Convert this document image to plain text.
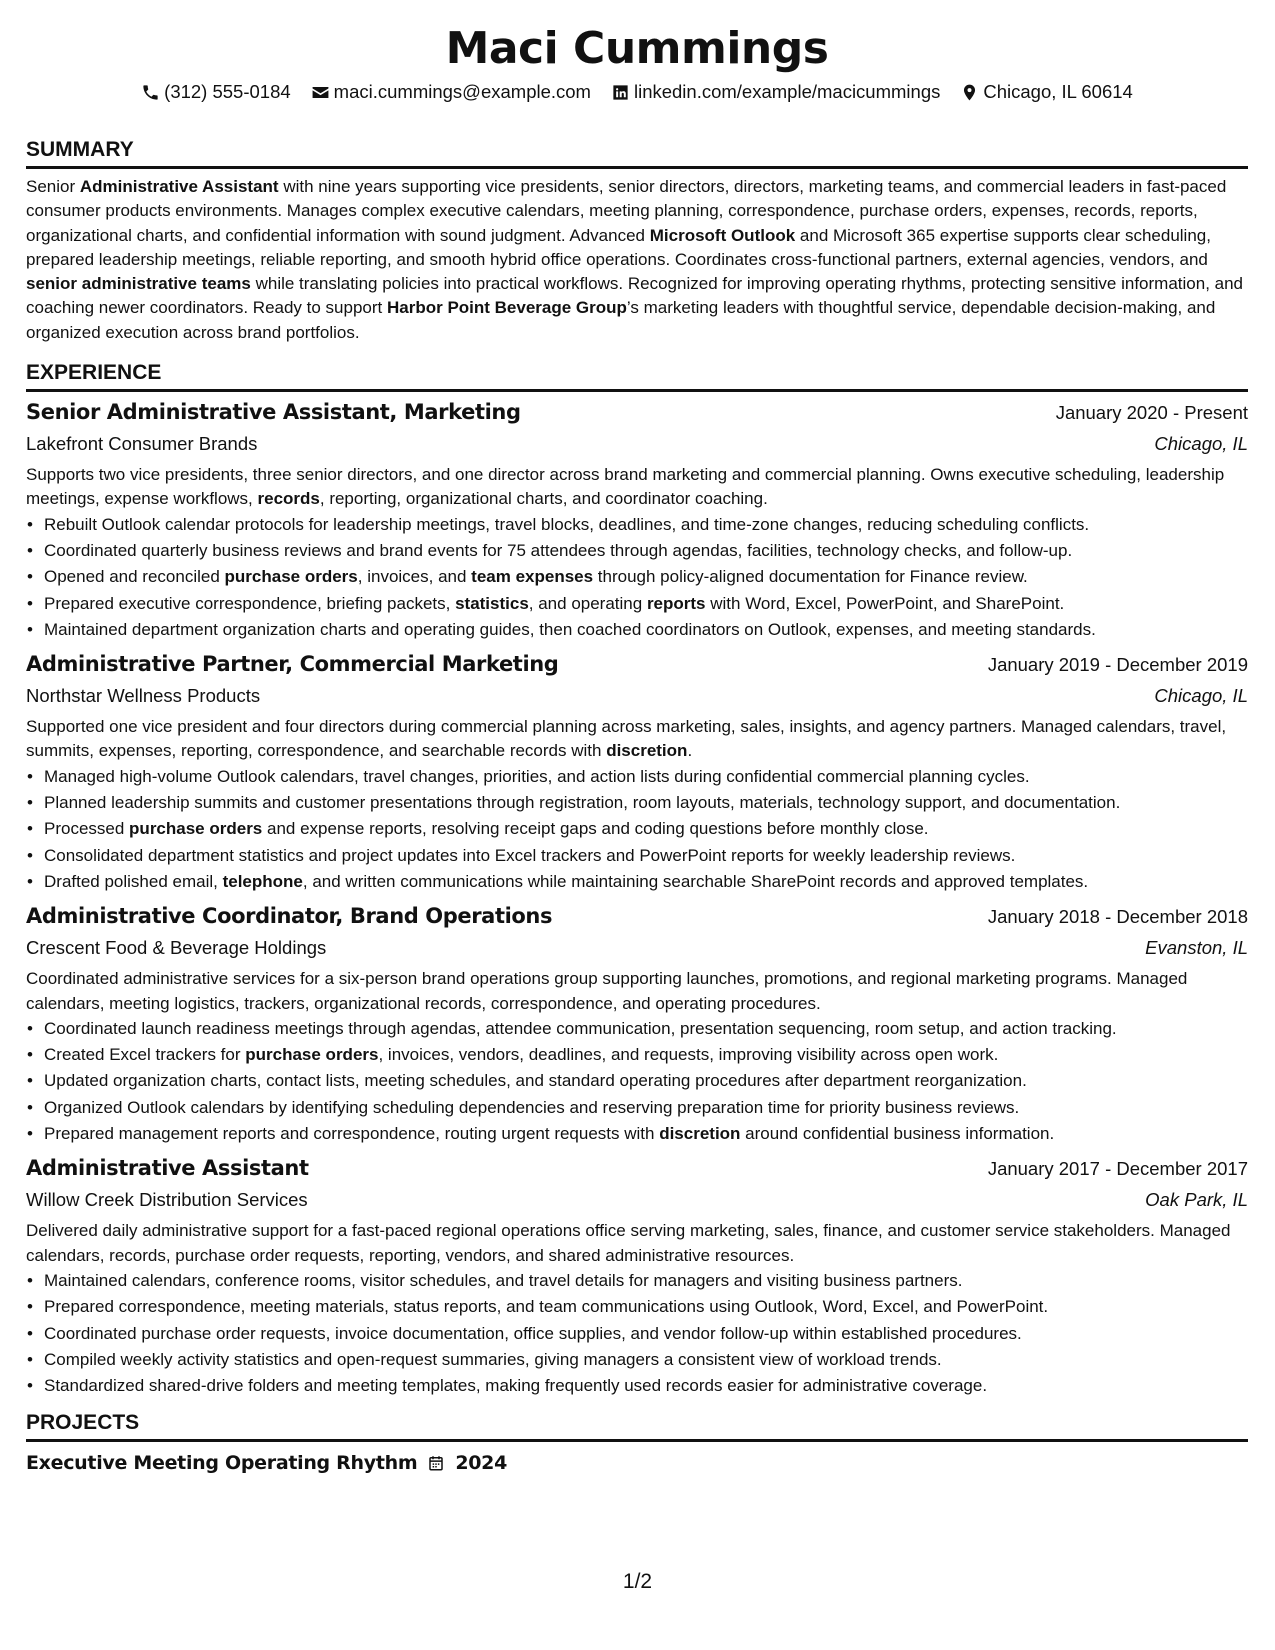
Maci Cummings
(312) 555-0184 maci.cummings@example.com linkedin.com/example/macicummings Chicago, IL 60614
SUMMARY
Senior Administrative Assistant with nine years supporting vice presidents, senior directors, directors, marketing teams, and commercial leaders in fast-paced consumer products environments. Manages complex executive calendars, meeting planning, correspondence, purchase orders, expenses, records, reports, organizational charts, and confidential information with sound judgment. Advanced Microsoft Outlook and Microsoft 365 expertise supports clear scheduling, prepared leadership meetings, reliable reporting, and smooth hybrid office operations. Coordinates cross-functional partners, external agencies, vendors, and senior administrative teams while translating policies into practical workflows. Recognized for improving operating rhythms, protecting sensitive information, and coaching newer coordinators. Ready to support Harbor Point Beverage Group’s marketing leaders with thoughtful service, dependable decision-making, and organized execution across brand portfolios.
EXPERIENCE
Senior Administrative Assistant, Marketing	January 2020 - Present
Lakefront Consumer Brands	Chicago, IL
Supports two vice presidents, three senior directors, and one director across brand marketing and commercial planning. Owns executive scheduling, leadership meetings, expense workflows, records, reporting, organizational charts, and coordinator coaching.
• Rebuilt Outlook calendar protocols for leadership meetings, travel blocks, deadlines, and time-zone changes, reducing scheduling conflicts.
• Coordinated quarterly business reviews and brand events for 75 attendees through agendas, facilities, technology checks, and follow-up.
• Opened and reconciled purchase orders, invoices, and team expenses through policy-aligned documentation for Finance review.
• Prepared executive correspondence, briefing packets, statistics, and operating reports with Word, Excel, PowerPoint, and SharePoint.
• Maintained department organization charts and operating guides, then coached coordinators on Outlook, expenses, and meeting standards.
Administrative Partner, Commercial Marketing	January 2019 - December 2019
Northstar Wellness Products	Chicago, IL
Supported one vice president and four directors during commercial planning across marketing, sales, insights, and agency partners. Managed calendars, travel, summits, expenses, reporting, correspondence, and searchable records with discretion.
• Managed high-volume Outlook calendars, travel changes, priorities, and action lists during confidential commercial planning cycles.
• Planned leadership summits and customer presentations through registration, room layouts, materials, technology support, and documentation.
• Processed purchase orders and expense reports, resolving receipt gaps and coding questions before monthly close.
• Consolidated department statistics and project updates into Excel trackers and PowerPoint reports for weekly leadership reviews.
• Drafted polished email, telephone, and written communications while maintaining searchable SharePoint records and approved templates.
Administrative Coordinator, Brand Operations	January 2018 - December 2018
Crescent Food & Beverage Holdings	Evanston, IL
Coordinated administrative services for a six-person brand operations group supporting launches, promotions, and regional marketing programs. Managed calendars, meeting logistics, trackers, organizational records, correspondence, and operating procedures.
• Coordinated launch readiness meetings through agendas, attendee communication, presentation sequencing, room setup, and action tracking.
• Created Excel trackers for purchase orders, invoices, vendors, deadlines, and requests, improving visibility across open work.
• Updated organization charts, contact lists, meeting schedules, and standard operating procedures after department reorganization.
• Organized Outlook calendars by identifying scheduling dependencies and reserving preparation time for priority business reviews.
• Prepared management reports and correspondence, routing urgent requests with discretion around confidential business information.
Administrative Assistant	January 2017 - December 2017
Willow Creek Distribution Services	Oak Park, IL
Delivered daily administrative support for a fast-paced regional operations office serving marketing, sales, finance, and customer service stakeholders. Managed calendars, records, purchase order requests, reporting, vendors, and shared administrative resources.
• Maintained calendars, conference rooms, visitor schedules, and travel details for managers and visiting business partners.
• Prepared correspondence, meeting materials, status reports, and team communications using Outlook, Word, Excel, and PowerPoint.
• Coordinated purchase order requests, invoice documentation, office supplies, and vendor follow-up within established procedures.
• Compiled weekly activity statistics and open-request summaries, giving managers a consistent view of workload trends.
• Standardized shared-drive folders and meeting templates, making frequently used records easier for administrative coverage.
PROJECTS
Executive Meeting Operating Rhythm 2024
1/2
